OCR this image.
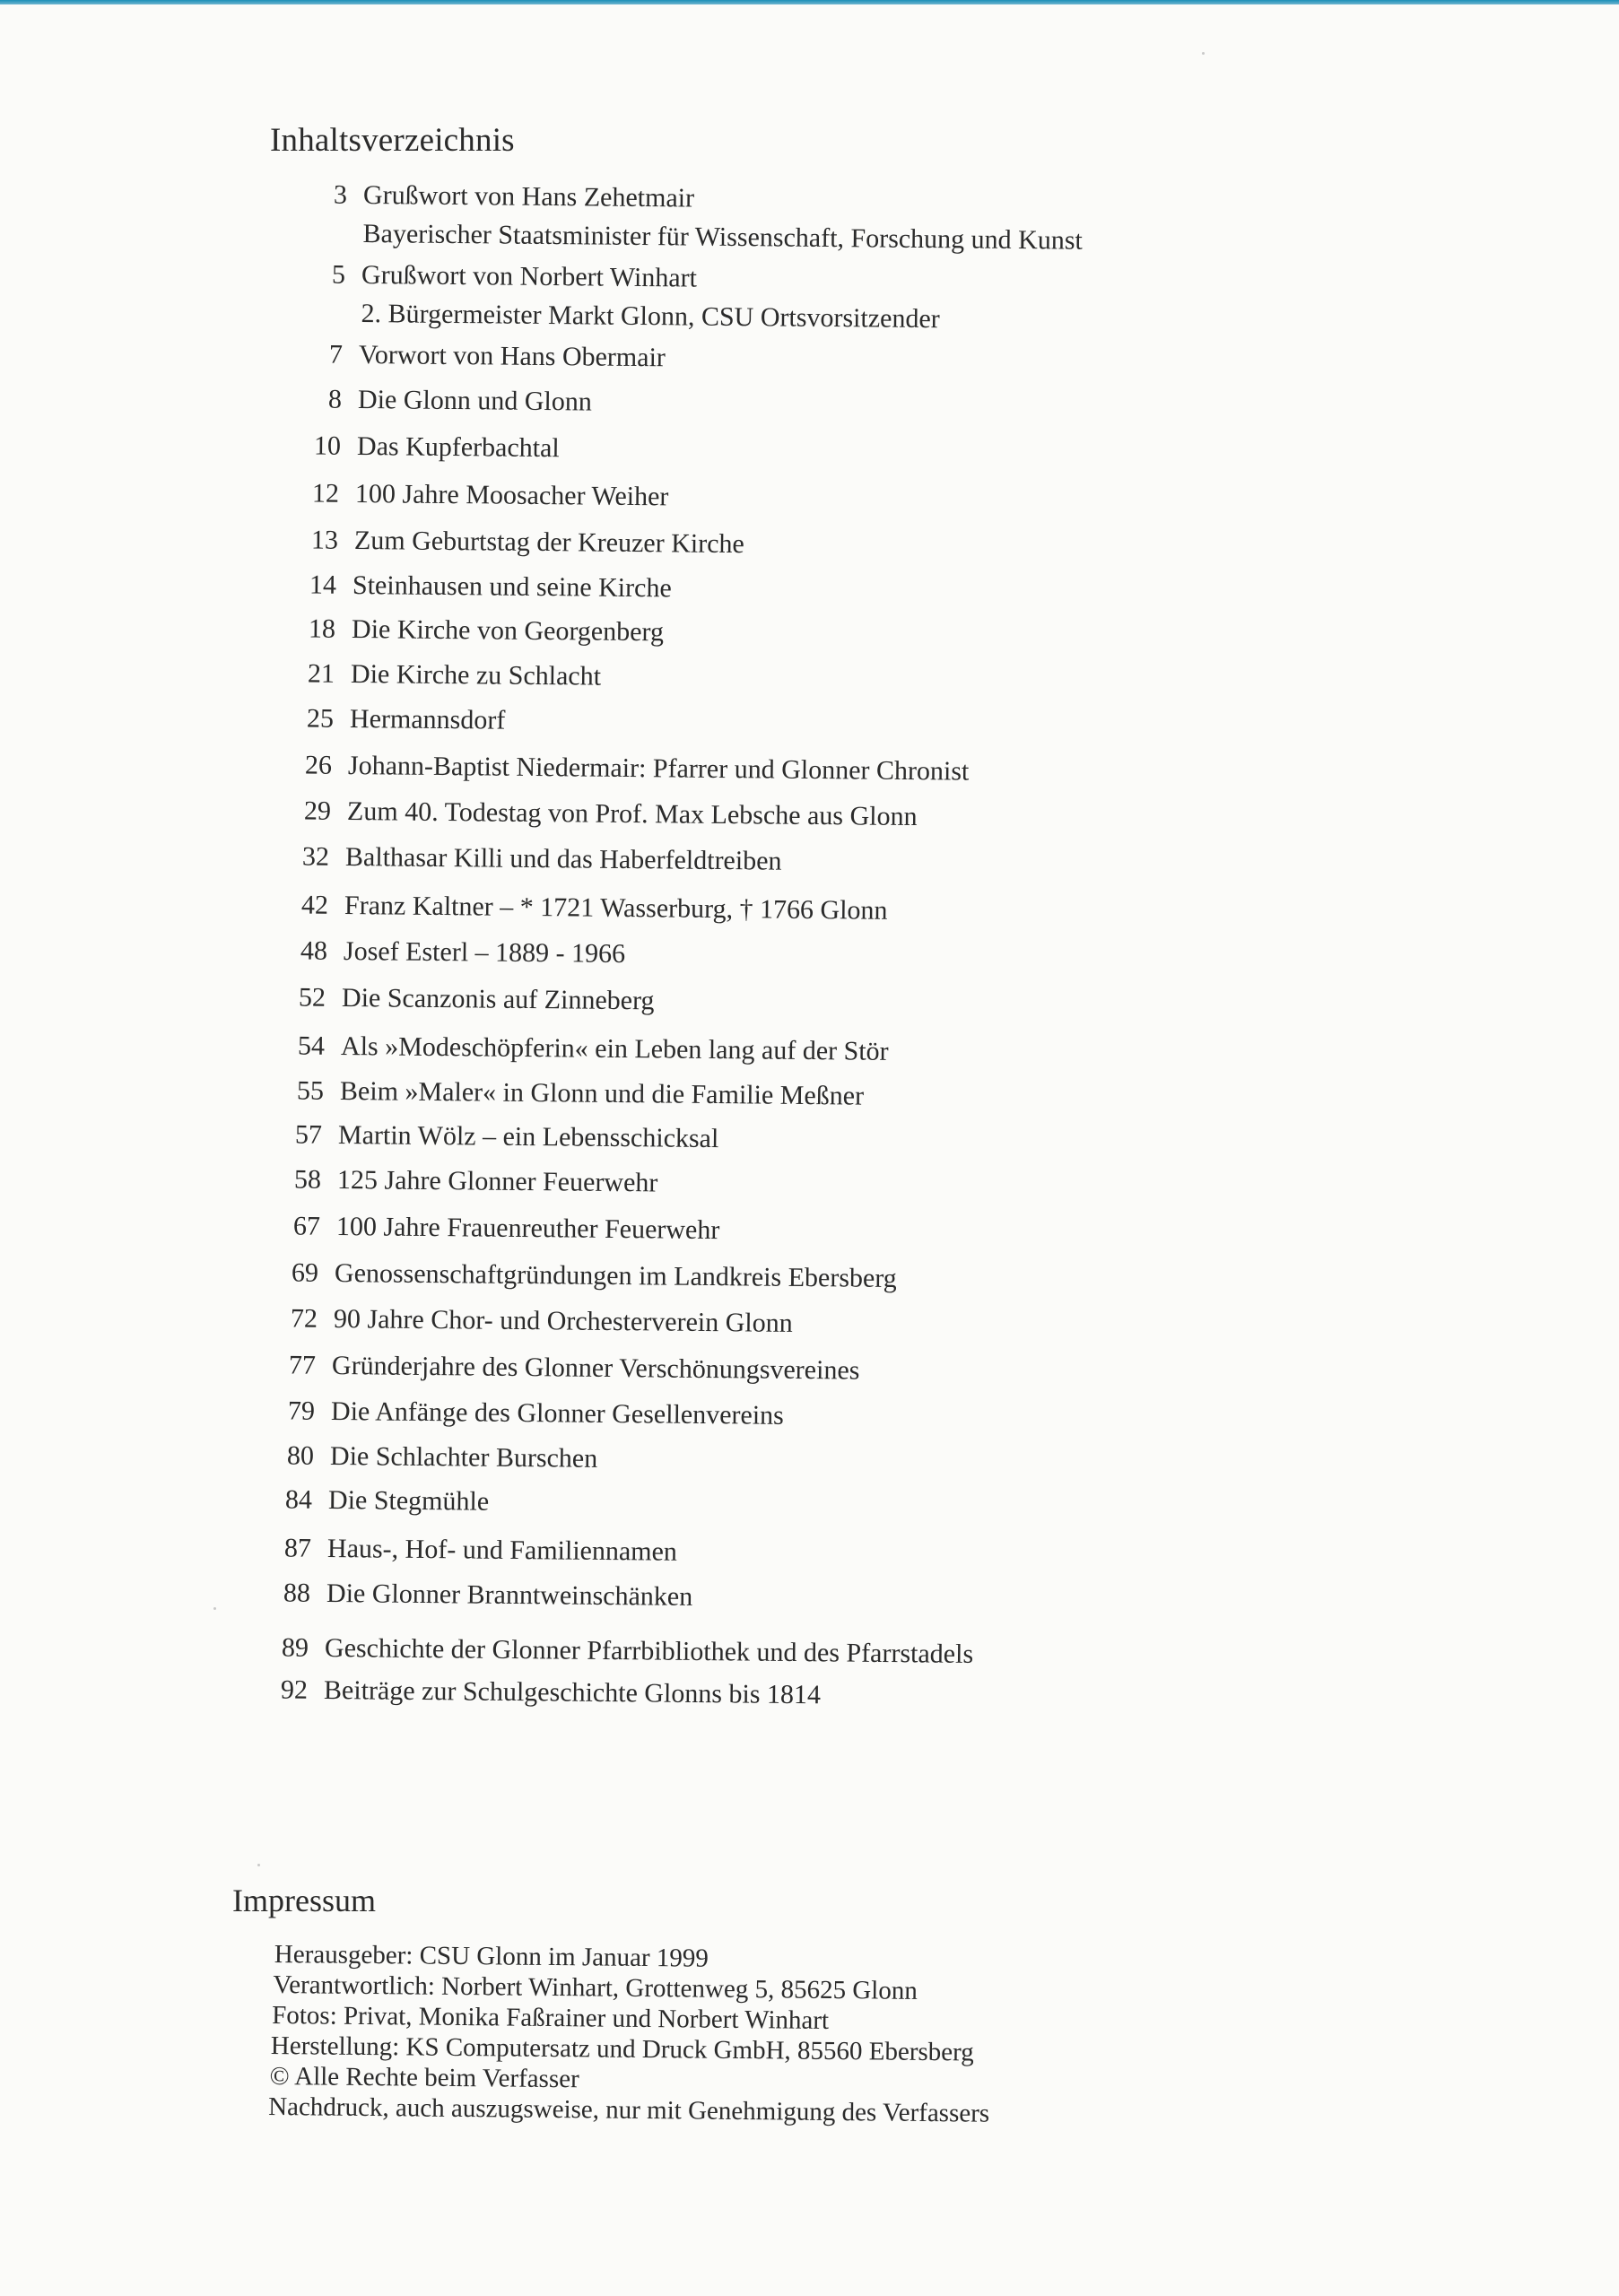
Inhaltsverzeichnis
3 Grußwort von Hans Zehetmair
Bayerischer Staatsminister für Wissenschaft, Forschung und Kunst
5 Grußwort von Norbert Winhart
2. Bürgermeister Markt Glonn, CSU Ortsvorsitzender
7 Vorwort von Hans Obermair
8 Die Glonn und Glonn
10 Das Kupferbachtal
12 100 Jahre Moosacher Weiher
13 Zum Geburtstag der Kreuzer Kirche
14 Steinhausen und seine Kirche
18 Die Kirche von Georgenberg
21 Die Kirche zu Schlacht
25 Hermannsdorf
26 Johann-Baptist Niedermair: Pfarrer und Glonner Chronist
29 Zum 40. Todestag von Prof. Max Lebsche aus Glonn
32 Balthasar Killi und das Haberfeldtreiben
42 Franz Kaltner – * 1721 Wasserburg, † 1766 Glonn
48 Josef Esterl – 1889 - 1966
52 Die Scanzonis auf Zinneberg
54 Als »Modeschöpferin« ein Leben lang auf der Stör
55 Beim »Maler« in Glonn und die Familie Meßner
57 Martin Wölz – ein Lebensschicksal
58 125 Jahre Glonner Feuerwehr
67 100 Jahre Frauenreuther Feuerwehr
69 Genossenschaftgründungen im Landkreis Ebersberg
72 90 Jahre Chor- und Orchesterverein Glonn
77 Gründerjahre des Glonner Verschönungsvereines
79 Die Anfänge des Glonner Gesellenvereins
80 Die Schlachter Burschen
84 Die Stegmühle
87 Haus-, Hof- und Familiennamen
88 Die Glonner Branntweinschänken
89 Geschichte der Glonner Pfarrbibliothek und des Pfarrstadels
92 Beiträge zur Schulgeschichte Glonns bis 1814
Impressum
Herausgeber: CSU Glonn im Januar 1999
Verantwortlich: Norbert Winhart, Grottenweg 5, 85625 Glonn
Fotos: Privat, Monika Faßrainer und Norbert Winhart
Herstellung: KS Computersatz und Druck GmbH, 85560 Ebersberg
© Alle Rechte beim Verfasser
Nachdruck, auch auszugsweise, nur mit Genehmigung des Verfassers
